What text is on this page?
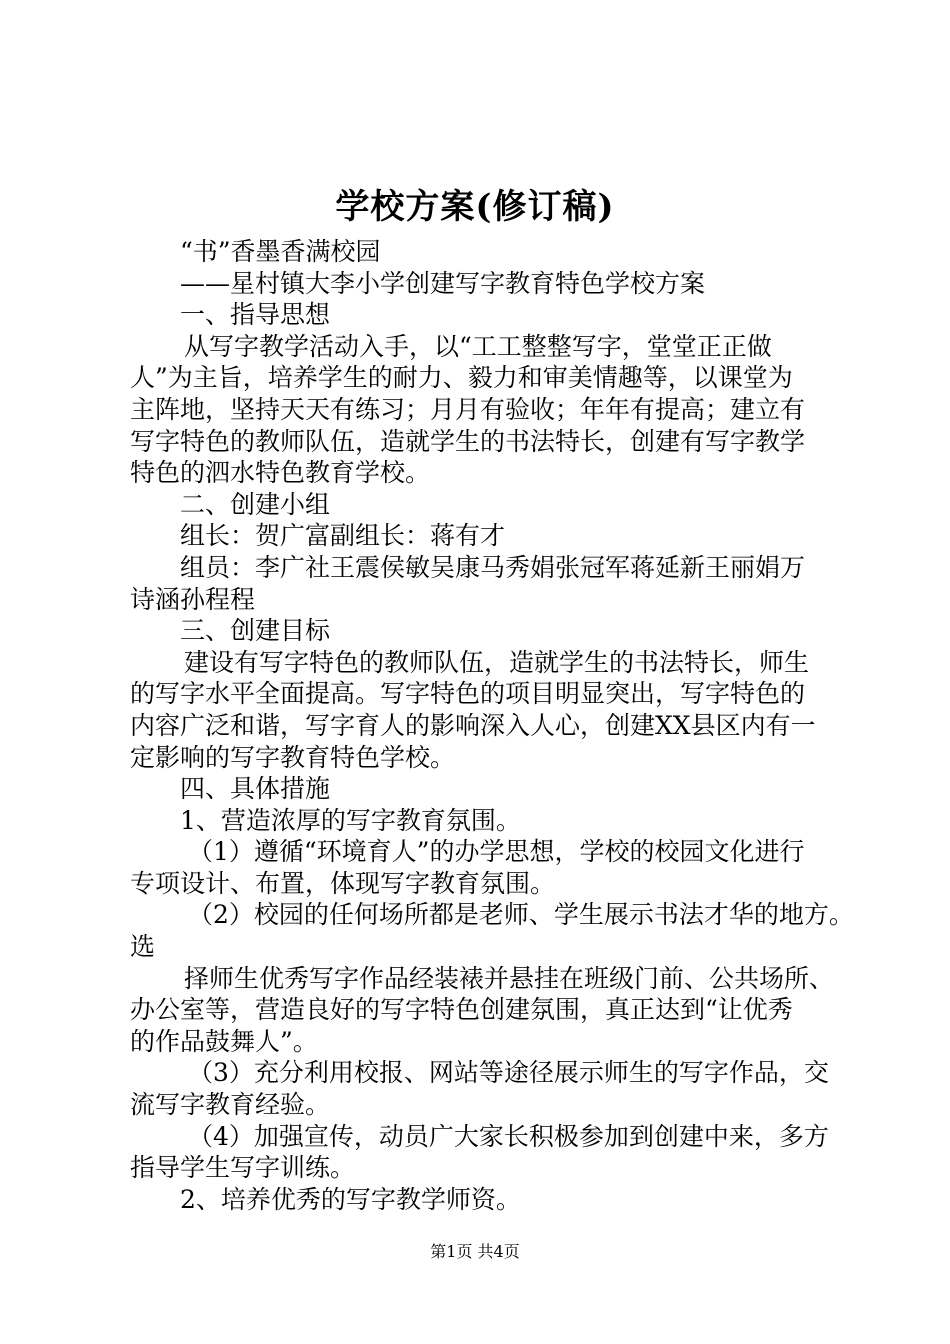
学校方案(修订稿)
“书”香墨香满校园
——星村镇大李小学创建写字教育特色学校方案
一、指导思想
从写字教学活动入手，以“工工整整写字，堂堂正正做
人”为主旨，培养学生的耐力、毅力和审美情趣等，以课堂为
主阵地，坚持天天有练习；月月有验收；年年有提高；建立有
写字特色的教师队伍，造就学生的书法特长，创建有写字教学
特色的泗水特色教育学校。
二、创建小组
组长：贺广富副组长：蒋有才
组员：李广社王震侯敏吴康马秀娟张冠军蒋延新王丽娟万
诗涵孙程程
三、创建目标
建设有写字特色的教师队伍，造就学生的书法特长，师生
的写字水平全面提高。写字特色的项目明显突出，写字特色的
内容广泛和谐，写字育人的影响深入人心，创建XX县区内有一
定影响的写字教育特色学校。
四、具体措施
1、营造浓厚的写字教育氛围。
（1）遵循“环境育人”的办学思想，学校的校园文化进行
专项设计、布置，体现写字教育氛围。
（2）校园的任何场所都是老师、学生展示书法才华的地方。
选
择师生优秀写字作品经装裱并悬挂在班级门前、公共场所、
办公室等，营造良好的写字特色创建氛围，真正达到“让优秀
的作品鼓舞人”。
（3）充分利用校报、网站等途径展示师生的写字作品，交
流写字教育经验。
（4）加强宣传，动员广大家长积极参加到创建中来，多方
指导学生写字训练。
2、培养优秀的写字教学师资。
第1页 共4页
